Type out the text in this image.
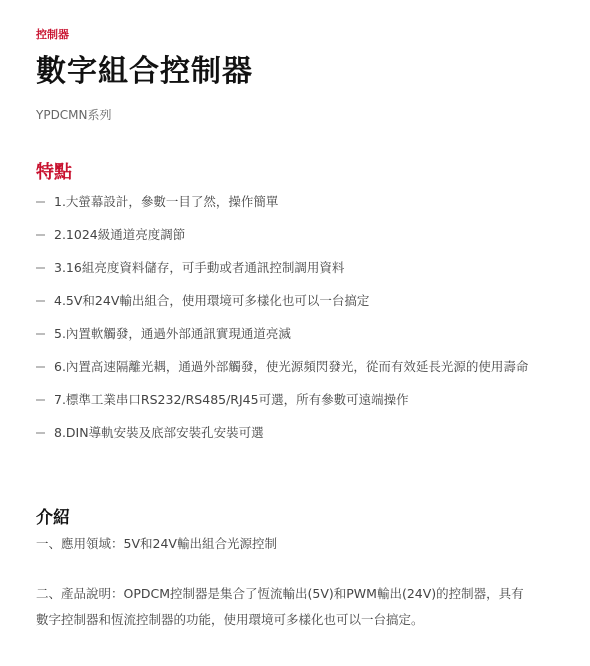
控制器
數字組合控制器
YPDCMN系列
特點
1.大螢幕設計，參數一目了然，操作簡單
2.1024級通道亮度調節
3.16組亮度資料儲存，可手動或者通訊控制調用資料
4.5V和24V輸出組合，使用環境可多樣化也可以一台搞定
5.內置軟觸發，通過外部通訊實現通道亮滅
6.內置高速隔離光耦，通過外部觸發，使光源頻閃發光，從而有效延長光源的使用壽命
7.標準工業串口RS232/RS485/RJ45可選，所有參數可遠端操作
8.DIN導軌安裝及底部安裝孔安裝可選
介紹

一、應用領域：5V和24V輸出組合光源控制

二、產品說明：OPDCM控制器是集合了恆流輸出(5V)和PWM輸出(24V)的控制器，具有數字控制器和恆流控制器的功能，使用環境可多樣化也可以一台搞定。
